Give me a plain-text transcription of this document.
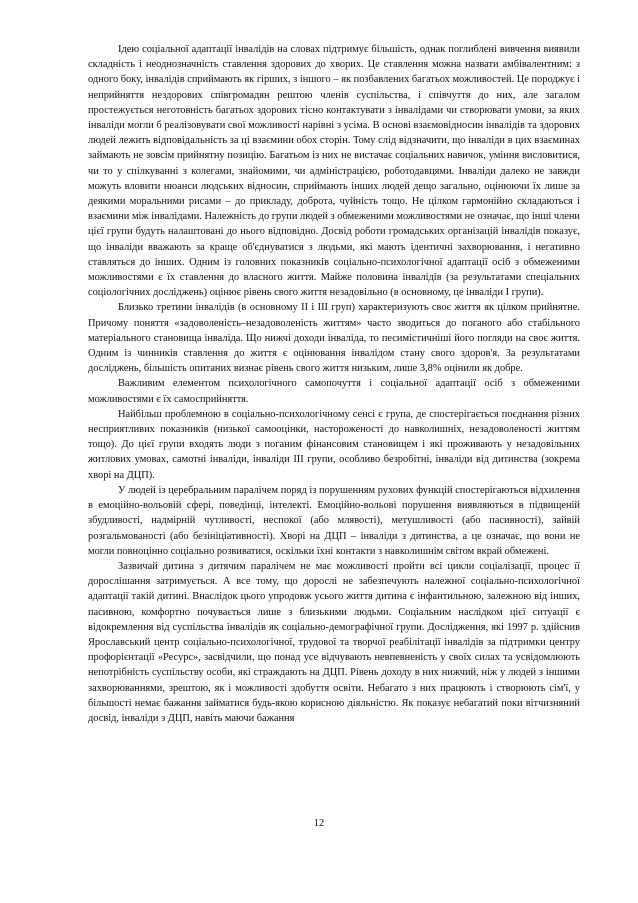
Ідею соціальної адаптації інвалідів на словах підтримує більшість, однак поглиблені вивчення виявили складність і неоднозначність ставлення здорових до хворих. Це ставлення можна назвати амбівалентним: з одного боку, інвалідів сприймають як гірших, з іншого – як позбавлених багатьох можливостей. Це породжує і неприйняття нездорових співгромадян рештою членів суспільства, і співчуття до них, але загалом простежується неготовність багатьох здорових тісно контактувати з інвалідами чи створювати умови, за яких інваліди могли б реалізовувати свої можливості нарівні з усіма. В основі взаємовідносин інвалідів та здорових людей лежить відповідальність за ці взаємини обох сторін. Тому слід відзначити, що інваліди в цих взаєминах займають не зовсім прийнятну позицію. Багатьом із них не вистачає соціальних навичок, уміння висловитися, чи то у спілкуванні з колегами, знайомими, чи адміністрацією, роботодавцями. Інваліди далеко не завжди можуть вловити нюанси людських відносин, сприймають інших людей дещо загально, оцінюючи їх лише за деякими моральними рисами – до прикладу, доброта, чуйність тощо. Не цілком гармонійно складаються і взаємини між інвалідами. Належність до групи людей з обмеженими можливостями не означає, що інші члени цієї групи будуть налаштовані до нього відповідно. Досвід роботи громадських організацій інвалідів показує, що інваліди вважають за краще об'єднуватися з людьми, які мають ідентичні захворювання, і негативно ставляться до інших. Одним із головних показників соціально-психологічної адаптації осіб з обмеженими можливостями є їх ставлення до власного життя. Майже половина інвалідів (за результатами спеціальних соціологічних досліджень) оцінює рівень свого життя незадовільно (в основному, це інваліди І групи).

Близько третини інвалідів (в основному ІІ і ІІІ груп) характеризують своє життя як цілком прийнятне. Причому поняття «задоволеність–незадоволеність життям» часто зводиться до поганого або стабільного матеріального становища інваліда. Що нижчі доходи інваліда, то песимістичніші його погляди на своє життя. Одним із чинників ставлення до життя є оцінювання інвалідом стану свого здоров'я. За результатами досліджень, більшість опитаних визнає рівень свого життя низьким, лише 3,8% оцінили як добре.

Важливим елементом психологічного самопочуття і соціальної адаптації осіб з обмеженими можливостями є їх самосприйняття.

Найбільш проблемною в соціально-психологічному сенсі є група, де спостерігається поєднання різних несприятливих показників (низької самооцінки, настороженості до навколишніх, незадоволеності життям тощо). До цієї групи входять люди з поганим фінансовим становищем і які проживають у незадовільних житлових умовах, самотні інваліди, інваліди ІІІ групи, особливо безробітні, інваліди від дитинства (зокрема хворі на ДЦП).

У людей із церебральним паралічем поряд із порушенням рухових функцій спостерігаються відхилення в емоційно-вольовій сфері, поведінці, інтелекті. Емоційно-вольові порушення виявляються в підвищеній збудливості, надмірній чутливості, неспокої (або млявості), метушливості (або пасивності), зайвій розгальмованості (або безініціативності). Хворі на ДЦП – інваліди з дитинства, а це означає, що вони не могли повноцінно соціально розвиватися, оскільки їхні контакти з навколишнім світом вкрай обмежені.

Зазвичай дитина з дитячим паралічем не має можливості пройти всі цикли соціалізації, процес її дорослішання затримується. А все тому, що дорослі не забезпечують належної соціально-психологічної адаптації такій дитині. Внаслідок цього упродовж усього життя дитина є інфантильною, залежною від інших, пасивною, комфортно почувається лише з близькими людьми. Соціальним наслідком цієї ситуації є відокремлення від суспільства інвалідів як соціально-демографічної групи. Дослідження, які 1997 р. здійснив Ярославський центр соціально-психологічної, трудової та творчої реабілітації інвалідів за підтримки центру профорієнтації «Ресурс», засвідчили, що понад усе відчувають невпевненість у своїх силах та усвідомлюють непотрібність суспільству особи, які страждають на ДЦП. Рівень доходу в них нижчий, ніж у людей з іншими захворюваннями, зрештою, як і можливості здобуття освіти. Небагато з них працюють і створюють сім'ї, у більшості немає бажання займатися будь-якою корисною діяльністю. Як показує небагатий поки вітчизняний досвід, інваліди з ДЦП, навіть маючи бажання

12
